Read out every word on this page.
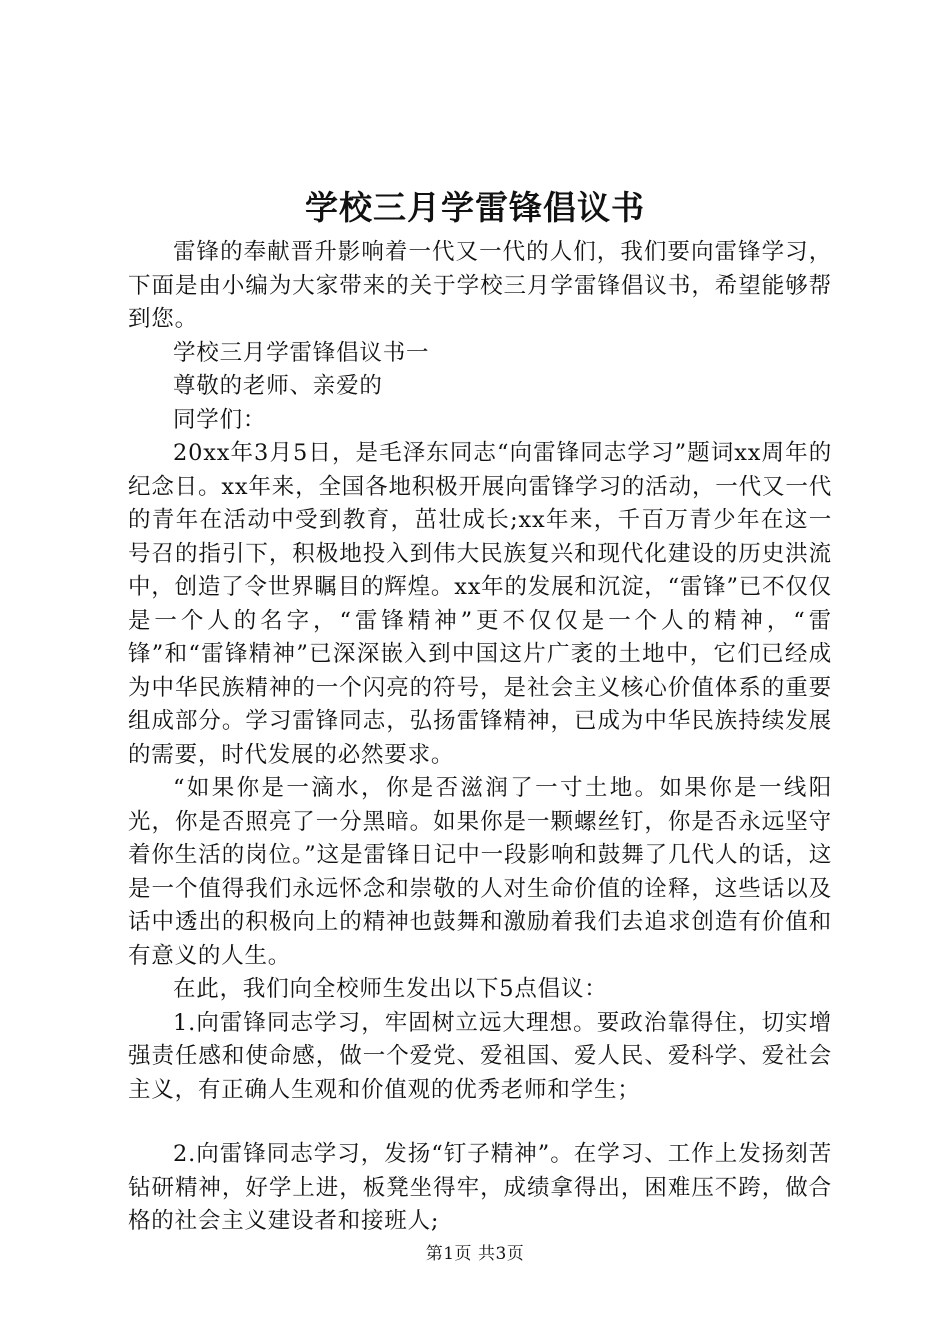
学校三月学雷锋倡议书

雷锋的奉献晋升影响着一代又一代的人们，我们要向雷锋学习，下面是由小编为大家带来的关于学校三月学雷锋倡议书，希望能够帮到您。

学校三月学雷锋倡议书一

尊敬的老师、亲爱的

同学们：

20xx年3月5日，是毛泽东同志“向雷锋同志学习”题词xx周年的纪念日。xx年来，全国各地积极开展向雷锋学习的活动，一代又一代的青年在活动中受到教育，茁壮成长;xx年来，千百万青少年在这一号召的指引下，积极地投入到伟大民族复兴和现代化建设的历史洪流中，创造了令世界瞩目的辉煌。xx年的发展和沉淀，“雷锋”已不仅仅是一个人的名字，“雷锋精神”更不仅仅是一个人的精神，“雷锋”和“雷锋精神”已深深嵌入到中国这片广袤的土地中，它们已经成为中华民族精神的一个闪亮的符号，是社会主义核心价值体系的重要组成部分。学习雷锋同志，弘扬雷锋精神，已成为中华民族持续发展的需要，时代发展的必然要求。

“如果你是一滴水，你是否滋润了一寸土地。如果你是一线阳光，你是否照亮了一分黑暗。如果你是一颗螺丝钉，你是否永远坚守着你生活的岗位。”这是雷锋日记中一段影响和鼓舞了几代人的话，这是一个值得我们永远怀念和崇敬的人对生命价值的诠释，这些话以及话中透出的积极向上的精神也鼓舞和激励着我们去追求创造有价值和有意义的人生。

在此，我们向全校师生发出以下5点倡议：

1.向雷锋同志学习，牢固树立远大理想。要政治靠得住，切实增强责任感和使命感，做一个爱党、爱祖国、爱人民、爱科学、爱社会主义，有正确人生观和价值观的优秀老师和学生；

2.向雷锋同志学习，发扬“钉子精神”。在学习、工作上发扬刻苦钻研精神，好学上进，板凳坐得牢，成绩拿得出，困难压不跨，做合格的社会主义建设者和接班人;

第1页 共3页
